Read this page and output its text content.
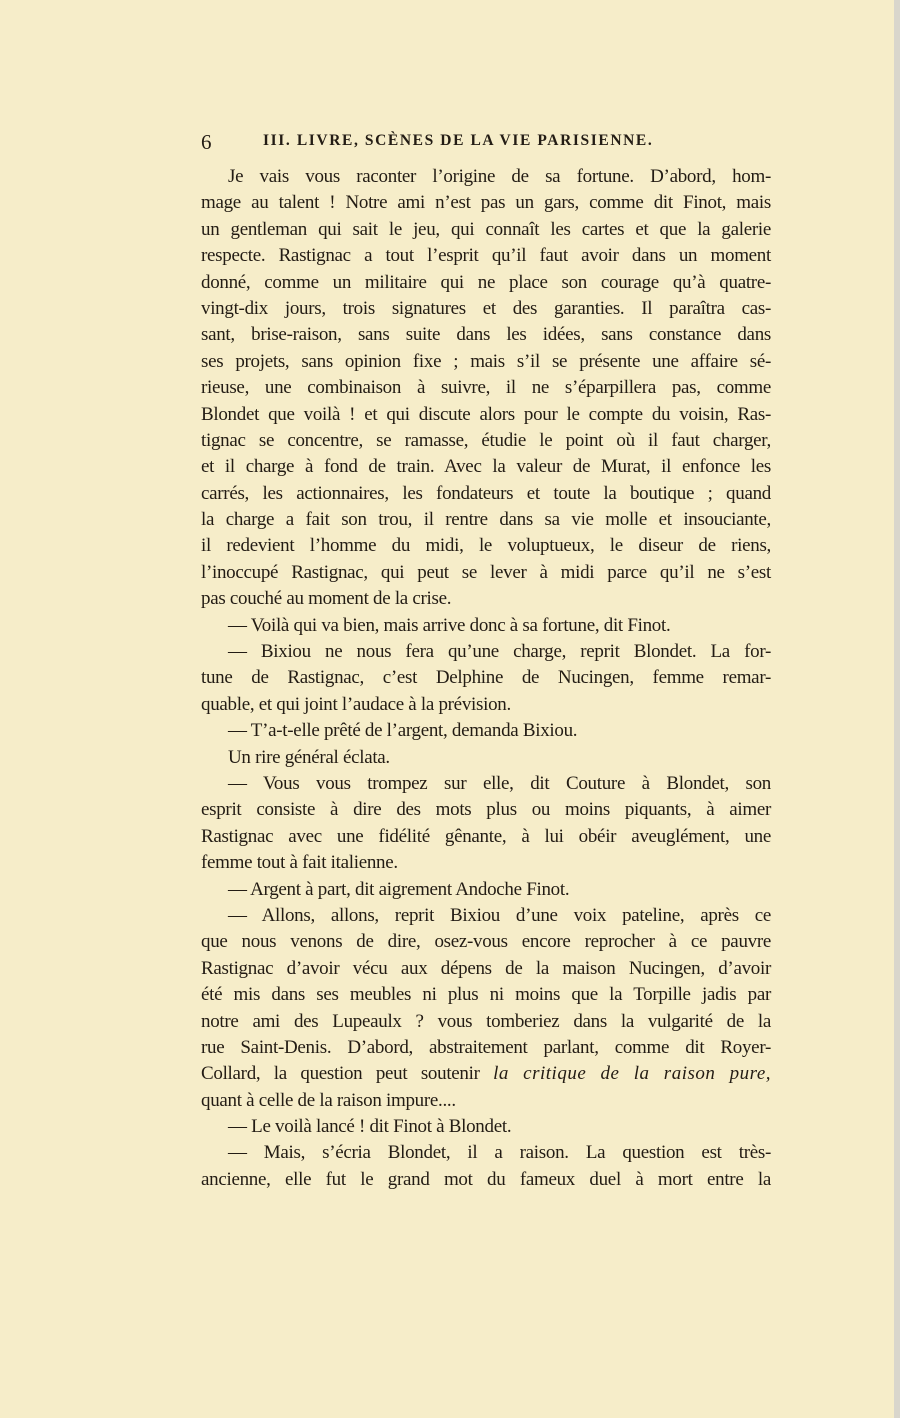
6	III. LIVRE, SCÈNES DE LA VIE PARISIENNE.
Je vais vous raconter l’origine de sa fortune. D’abord, hom-
mage au talent ! Notre ami n’est pas un gars, comme dit Finot, mais
un gentleman qui sait le jeu, qui connaît les cartes et que la galerie
respecte. Rastignac a tout l’esprit qu’il faut avoir dans un moment
donné, comme un militaire qui ne place son courage qu’à quatre-
vingt-dix jours, trois signatures et des garanties. Il paraîtra cas-
sant, brise-raison, sans suite dans les idées, sans constance dans
ses projets, sans opinion fixe ; mais s’il se présente une affaire sé-
rieuse, une combinaison à suivre, il ne s’éparpillera pas, comme
Blondet que voilà ! et qui discute alors pour le compte du voisin, Ras-
tignac se concentre, se ramasse, étudie le point où il faut charger,
et il charge à fond de train. Avec la valeur de Murat, il enfonce les
carrés, les actionnaires, les fondateurs et toute la boutique ; quand
la charge a fait son trou, il rentre dans sa vie molle et insouciante,
il redevient l’homme du midi, le voluptueux, le diseur de riens,
l’inoccupé Rastignac, qui peut se lever à midi parce qu’il ne s’est
pas couché au moment de la crise.
— Voilà qui va bien, mais arrive donc à sa fortune, dit Finot.
— Bixiou ne nous fera qu’une charge, reprit Blondet. La for-
tune de Rastignac, c’est Delphine de Nucingen, femme remar-
quable, et qui joint l’audace à la prévision.
— T’a-t-elle prêté de l’argent, demanda Bixiou.
Un rire général éclata.
— Vous vous trompez sur elle, dit Couture à Blondet, son
esprit consiste à dire des mots plus ou moins piquants, à aimer
Rastignac avec une fidélité gênante, à lui obéir aveuglément, une
femme tout à fait italienne.
— Argent à part, dit aigrement Andoche Finot.
— Allons, allons, reprit Bixiou d’une voix pateline, après ce
que nous venons de dire, osez-vous encore reprocher à ce pauvre
Rastignac d’avoir vécu aux dépens de la maison Nucingen, d’avoir
été mis dans ses meubles ni plus ni moins que la Torpille jadis par
notre ami des Lupeaulx ? vous tomberiez dans la vulgarité de la
rue Saint-Denis. D’abord, abstraitement parlant, comme dit Royer-
Collard, la question peut soutenir la critique de la raison pure,
quant à celle de la raison impure....
— Le voilà lancé ! dit Finot à Blondet.
— Mais, s’écria Blondet, il a raison. La question est très-
ancienne, elle fut le grand mot du fameux duel à mort entre la
